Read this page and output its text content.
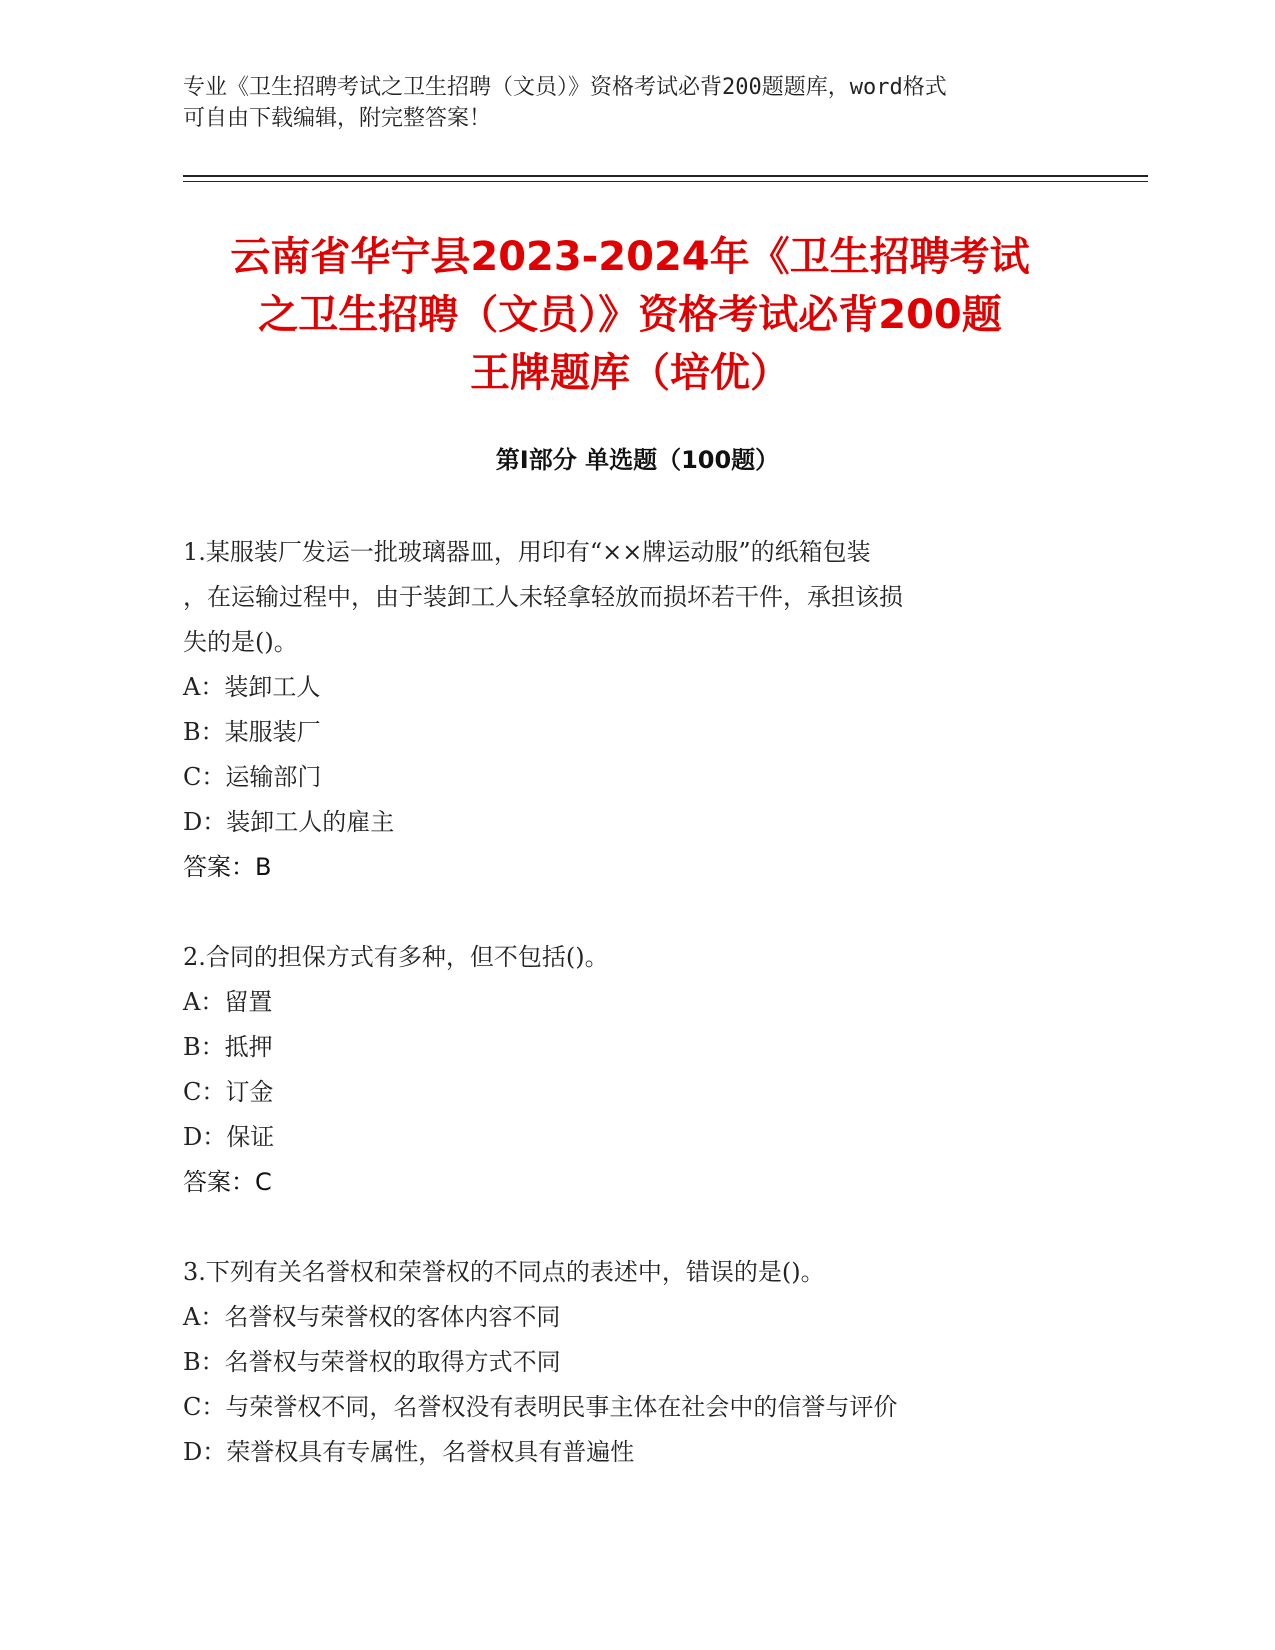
专业《卫生招聘考试之卫生招聘（文员）》资格考试必背200题题库，word格式
可自由下载编辑，附完整答案！
云南省华宁县2023-2024年《卫生招聘考试
之卫生招聘（文员）》资格考试必背200题
王牌题库（培优）
第Ⅰ部分 单选题（100题）
1.某服装厂发运一批玻璃器皿，用印有“××牌运动服”的纸箱包装
，在运输过程中，由于装卸工人未轻拿轻放而损坏若干件，承担该损
失的是()。
A：装卸工人
B：某服装厂
C：运输部门
D：装卸工人的雇主
答案：B
2.合同的担保方式有多种，但不包括()。
A：留置
B：抵押
C：订金
D：保证
答案：C
3.下列有关名誉权和荣誉权的不同点的表述中，错误的是()。
A：名誉权与荣誉权的客体内容不同
B：名誉权与荣誉权的取得方式不同
C：与荣誉权不同，名誉权没有表明民事主体在社会中的信誉与评价
D：荣誉权具有专属性，名誉权具有普遍性
